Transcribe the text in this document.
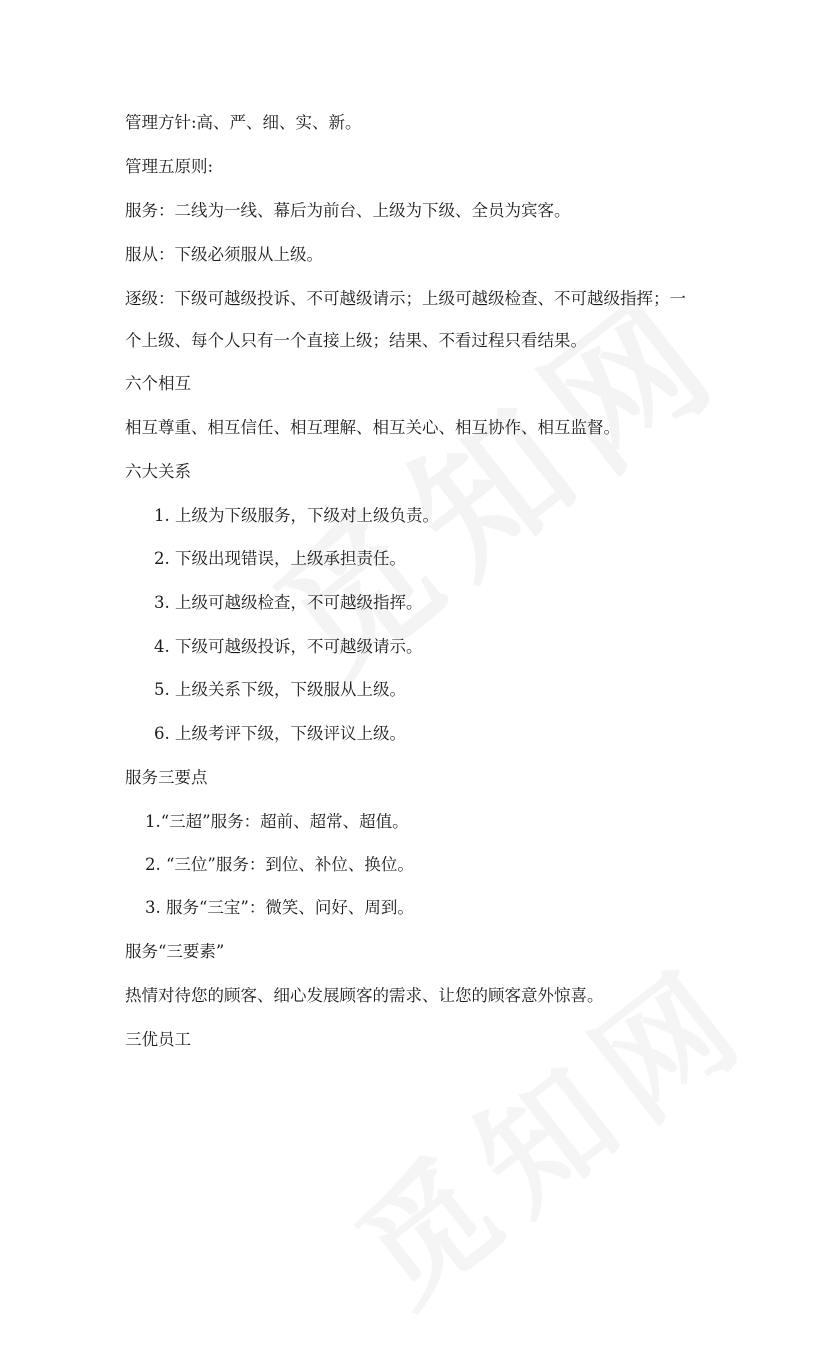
管理方针:高、严、细、实、新。
管理五原则:
服务：二线为一线、幕后为前台、上级为下级、全员为宾客。
服从：下级必须服从上级。
逐级：下级可越级投诉、不可越级请示；上级可越级检查、不可越级指挥；一
个上级、每个人只有一个直接上级；结果、不看过程只看结果。
六个相互
相互尊重、相互信任、相互理解、相互关心、相互协作、相互监督。
六大关系
1. 上级为下级服务，下级对上级负责。
2. 下级出现错误，上级承担责任。
3. 上级可越级检查，不可越级指挥。
4. 下级可越级投诉，不可越级请示。
5. 上级关系下级，下级服从上级。
6. 上级考评下级，下级评议上级。
服务三要点
1.“三超”服务：超前、超常、超值。
2. “三位”服务：到位、补位、换位。
3. 服务“三宝”：微笑、问好、周到。
服务“三要素”
热情对待您的顾客、细心发展顾客的需求、让您的顾客意外惊喜。
三优员工
